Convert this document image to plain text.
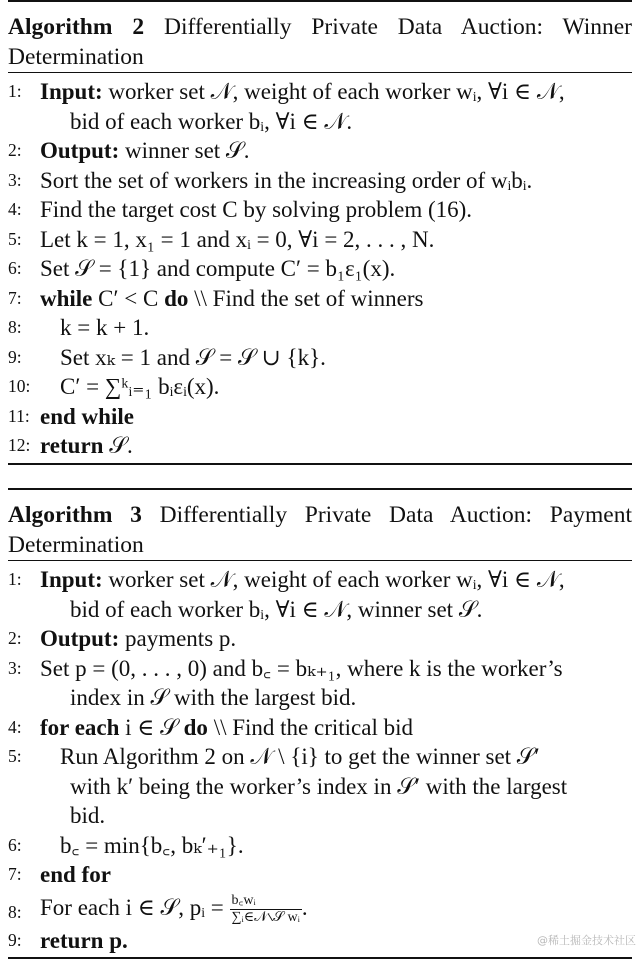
Algorithm 2 Differentially Private Data Auction: Winner Determination
1: Input: worker set 𝒩, weight of each worker wᵢ, ∀i ∈ 𝒩,
bid of each worker bᵢ, ∀i ∈ 𝒩.
2: Output: winner set 𝒮.
3: Sort the set of workers in the increasing order of wᵢbᵢ.
4: Find the target cost C by solving problem (16).
5: Let k = 1, x₁ = 1 and xᵢ = 0, ∀i = 2, . . . , N.
6: Set 𝒮 = {1} and compute C′ = b₁ε₁(x).
7: while C′ < C do \\ Find the set of winners
8:	k = k + 1.
9:	Set xₖ = 1 and 𝒮 = 𝒮 ∪ {k}.
10: C′ = ∑ᵏᵢ₌₁ bᵢεᵢ(x).
11: end while
12: return 𝒮.
Algorithm 3 Differentially Private Data Auction: Payment Determination
1: Input: worker set 𝒩, weight of each worker wᵢ, ∀i ∈ 𝒩,
bid of each worker bᵢ, ∀i ∈ 𝒩, winner set 𝒮.
2: Output: payments p.
3: Set p = (0, . . . , 0) and b꜀ = bₖ₊₁, where k is the worker’s
index in 𝒮 with the largest bid.
4: for each i ∈ 𝒮 do \\ Find the critical bid
5:	Run Algorithm 2 on 𝒩 \ {i} to get the winner set 𝒮′
with k′ being the worker’s index in 𝒮′ with the largest
bid.
6:	b꜀ = min{b꜀, bₖ′₊₁}.
7: end for
8: For each i ∈ 𝒮, pᵢ = $\frac{\text{b꜀wᵢ}}{\text{∑ᵢ∈𝒩∖𝒮 wᵢ}}$ .
9: return p.	@稀土掘金技术社区
